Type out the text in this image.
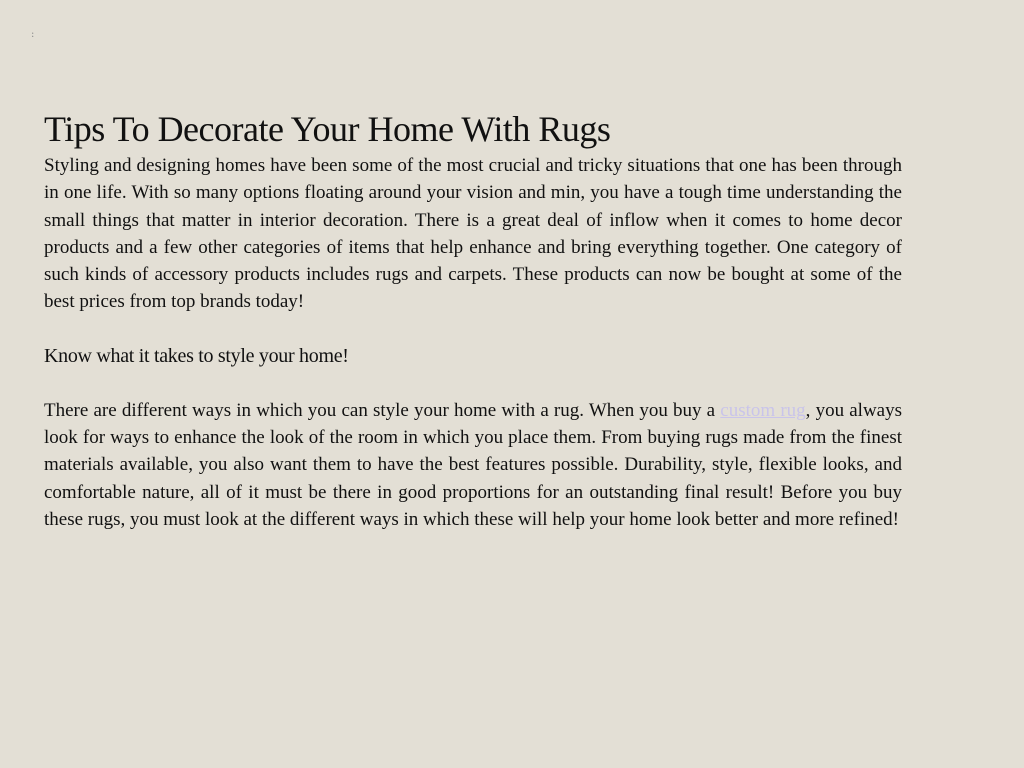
:
Tips To Decorate Your Home With Rugs

Styling and designing homes have been some of the most crucial and tricky situations that one has been through in one life. With so many options floating around your vision and min, you have a tough time understanding the small things that matter in interior decoration. There is a great deal of inflow when it comes to home decor products and a few other categories of items that help enhance and bring everything together. One category of such kinds of accessory products includes rugs and carpets. These products can now be bought at some of the best prices from top brands today!

Know what it takes to style your home!

There are different ways in which you can style your home with a rug. When you buy a custom rug, you always look for ways to enhance the look of the room in which you place them. From buying rugs made from the finest materials available, you also want them to have the best features possible. Durability, style, flexible looks, and comfortable nature, all of it must be there in good proportions for an outstanding final result! Before you buy these rugs, you must look at the different ways in which these will help your home look better and more refined!
